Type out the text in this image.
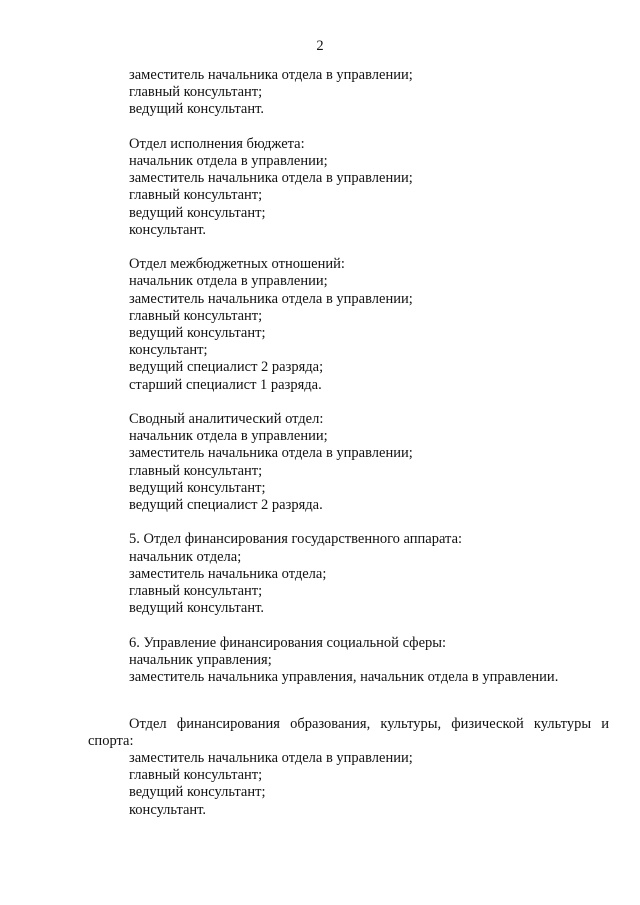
2
заместитель начальника отдела в управлении;
главный консультант;
ведущий консультант.
Отдел исполнения бюджета:
начальник отдела в управлении;
заместитель начальника отдела в управлении;
главный консультант;
ведущий консультант;
консультант.
Отдел межбюджетных отношений:
начальник отдела в управлении;
заместитель начальника отдела в управлении;
главный консультант;
ведущий консультант;
консультант;
ведущий специалист 2 разряда;
старший специалист 1 разряда.
Сводный аналитический отдел:
начальник отдела в управлении;
заместитель начальника отдела в управлении;
главный консультант;
ведущий консультант;
ведущий специалист 2 разряда.
5. Отдел финансирования государственного аппарата:
начальник отдела;
заместитель начальника отдела;
главный консультант;
ведущий консультант.
6. Управление финансирования социальной сферы:
начальник управления;
заместитель начальника управления, начальник отдела в управлении.
Отдел финансирования образования, культуры, физической культуры и спорта:
заместитель начальника отдела в управлении;
главный консультант;
ведущий консультант;
консультант.
